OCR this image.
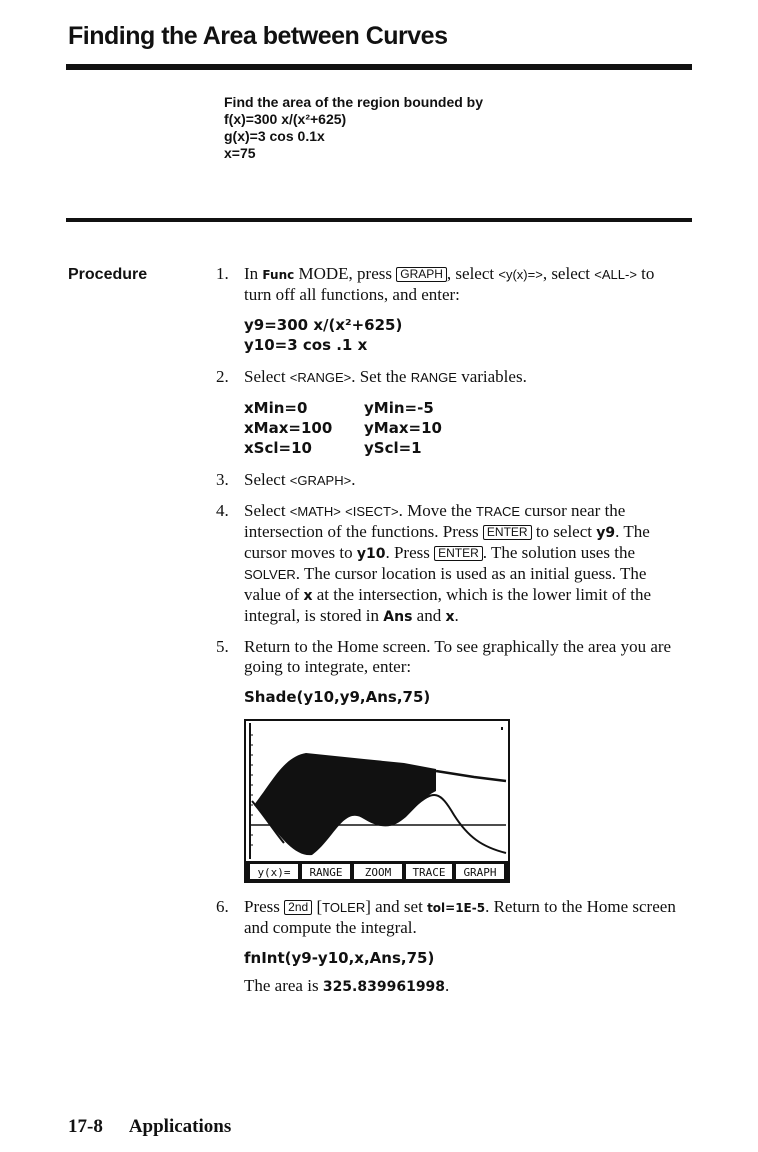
Finding the Area between Curves
Find the area of the region bounded by
f(x)=300 x/(x²+625)
g(x)=3 cos 0.1x
x=75
Procedure	1. In Func MODE, press GRAPH , select <y(x)=>, select <ALL-> to turn off all functions, and enter:
y9=300 x/(x²+625)
y10=3 cos .1 x
2. Select <RANGE>. Set the RANGE variables.
xMin=0	yMin=-5
xMax=100	yMax=10
xScl=10	yScl=1
3. Select <GRAPH>.
4. Select <MATH> <ISECT>. Move the TRACE cursor near the intersection of the functions. Press ENTER to select y9. The cursor moves to y10. Press ENTER . The solution uses the SOLVER. The cursor location is used as an initial guess. The value of x at the intersection, which is the lower limit of the integral, is stored in Ans and x.
5. Return to the Home screen. To see graphically the area you are going to integrate, enter:
Shade(y10,y9,Ans,75)
y(x)= RANGE ZOOM TRACE GRAPH
6. Press 2nd [TOLER] and set tol=1E-5. Return to the Home screen and compute the integral.
fnInt(y9-y10,x,Ans,75)
The area is 325.839961998.
17-8 Applications
